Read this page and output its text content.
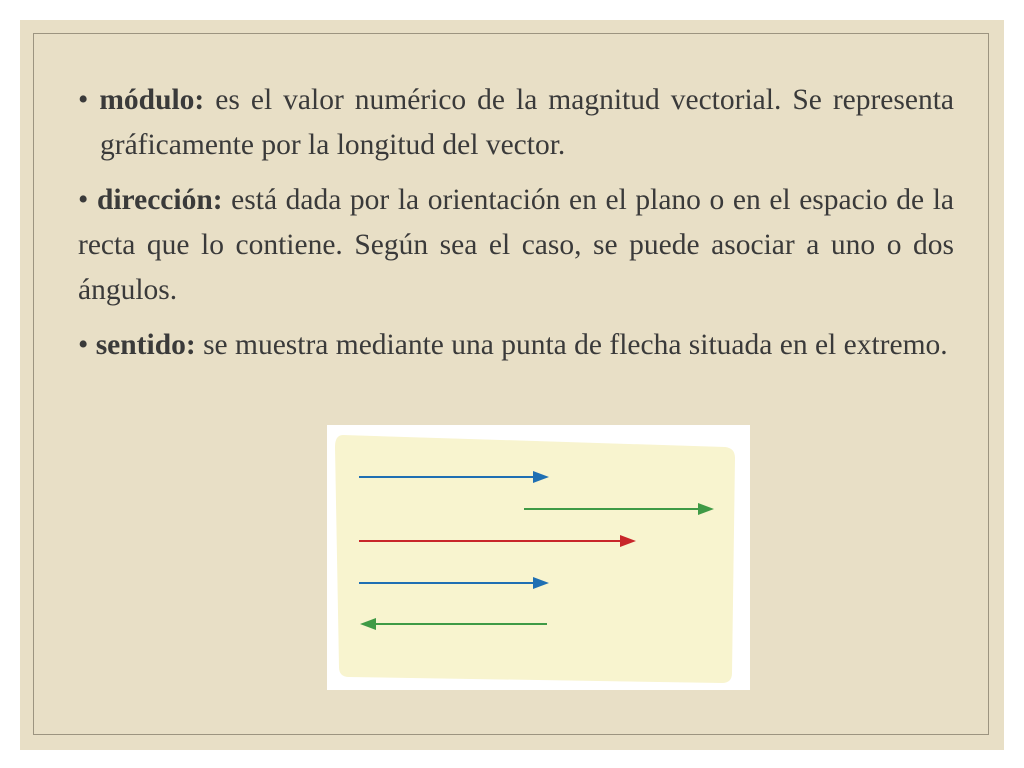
• módulo: es el valor numérico de la magnitud vectorial. Se representa gráficamente por la longitud del vector.

• dirección: está dada por la orientación en el plano o en el espacio de la recta que lo contiene. Según sea el caso, se puede asociar a uno o dos ángulos.

• sentido: se muestra mediante una punta de flecha situada en el extremo.
